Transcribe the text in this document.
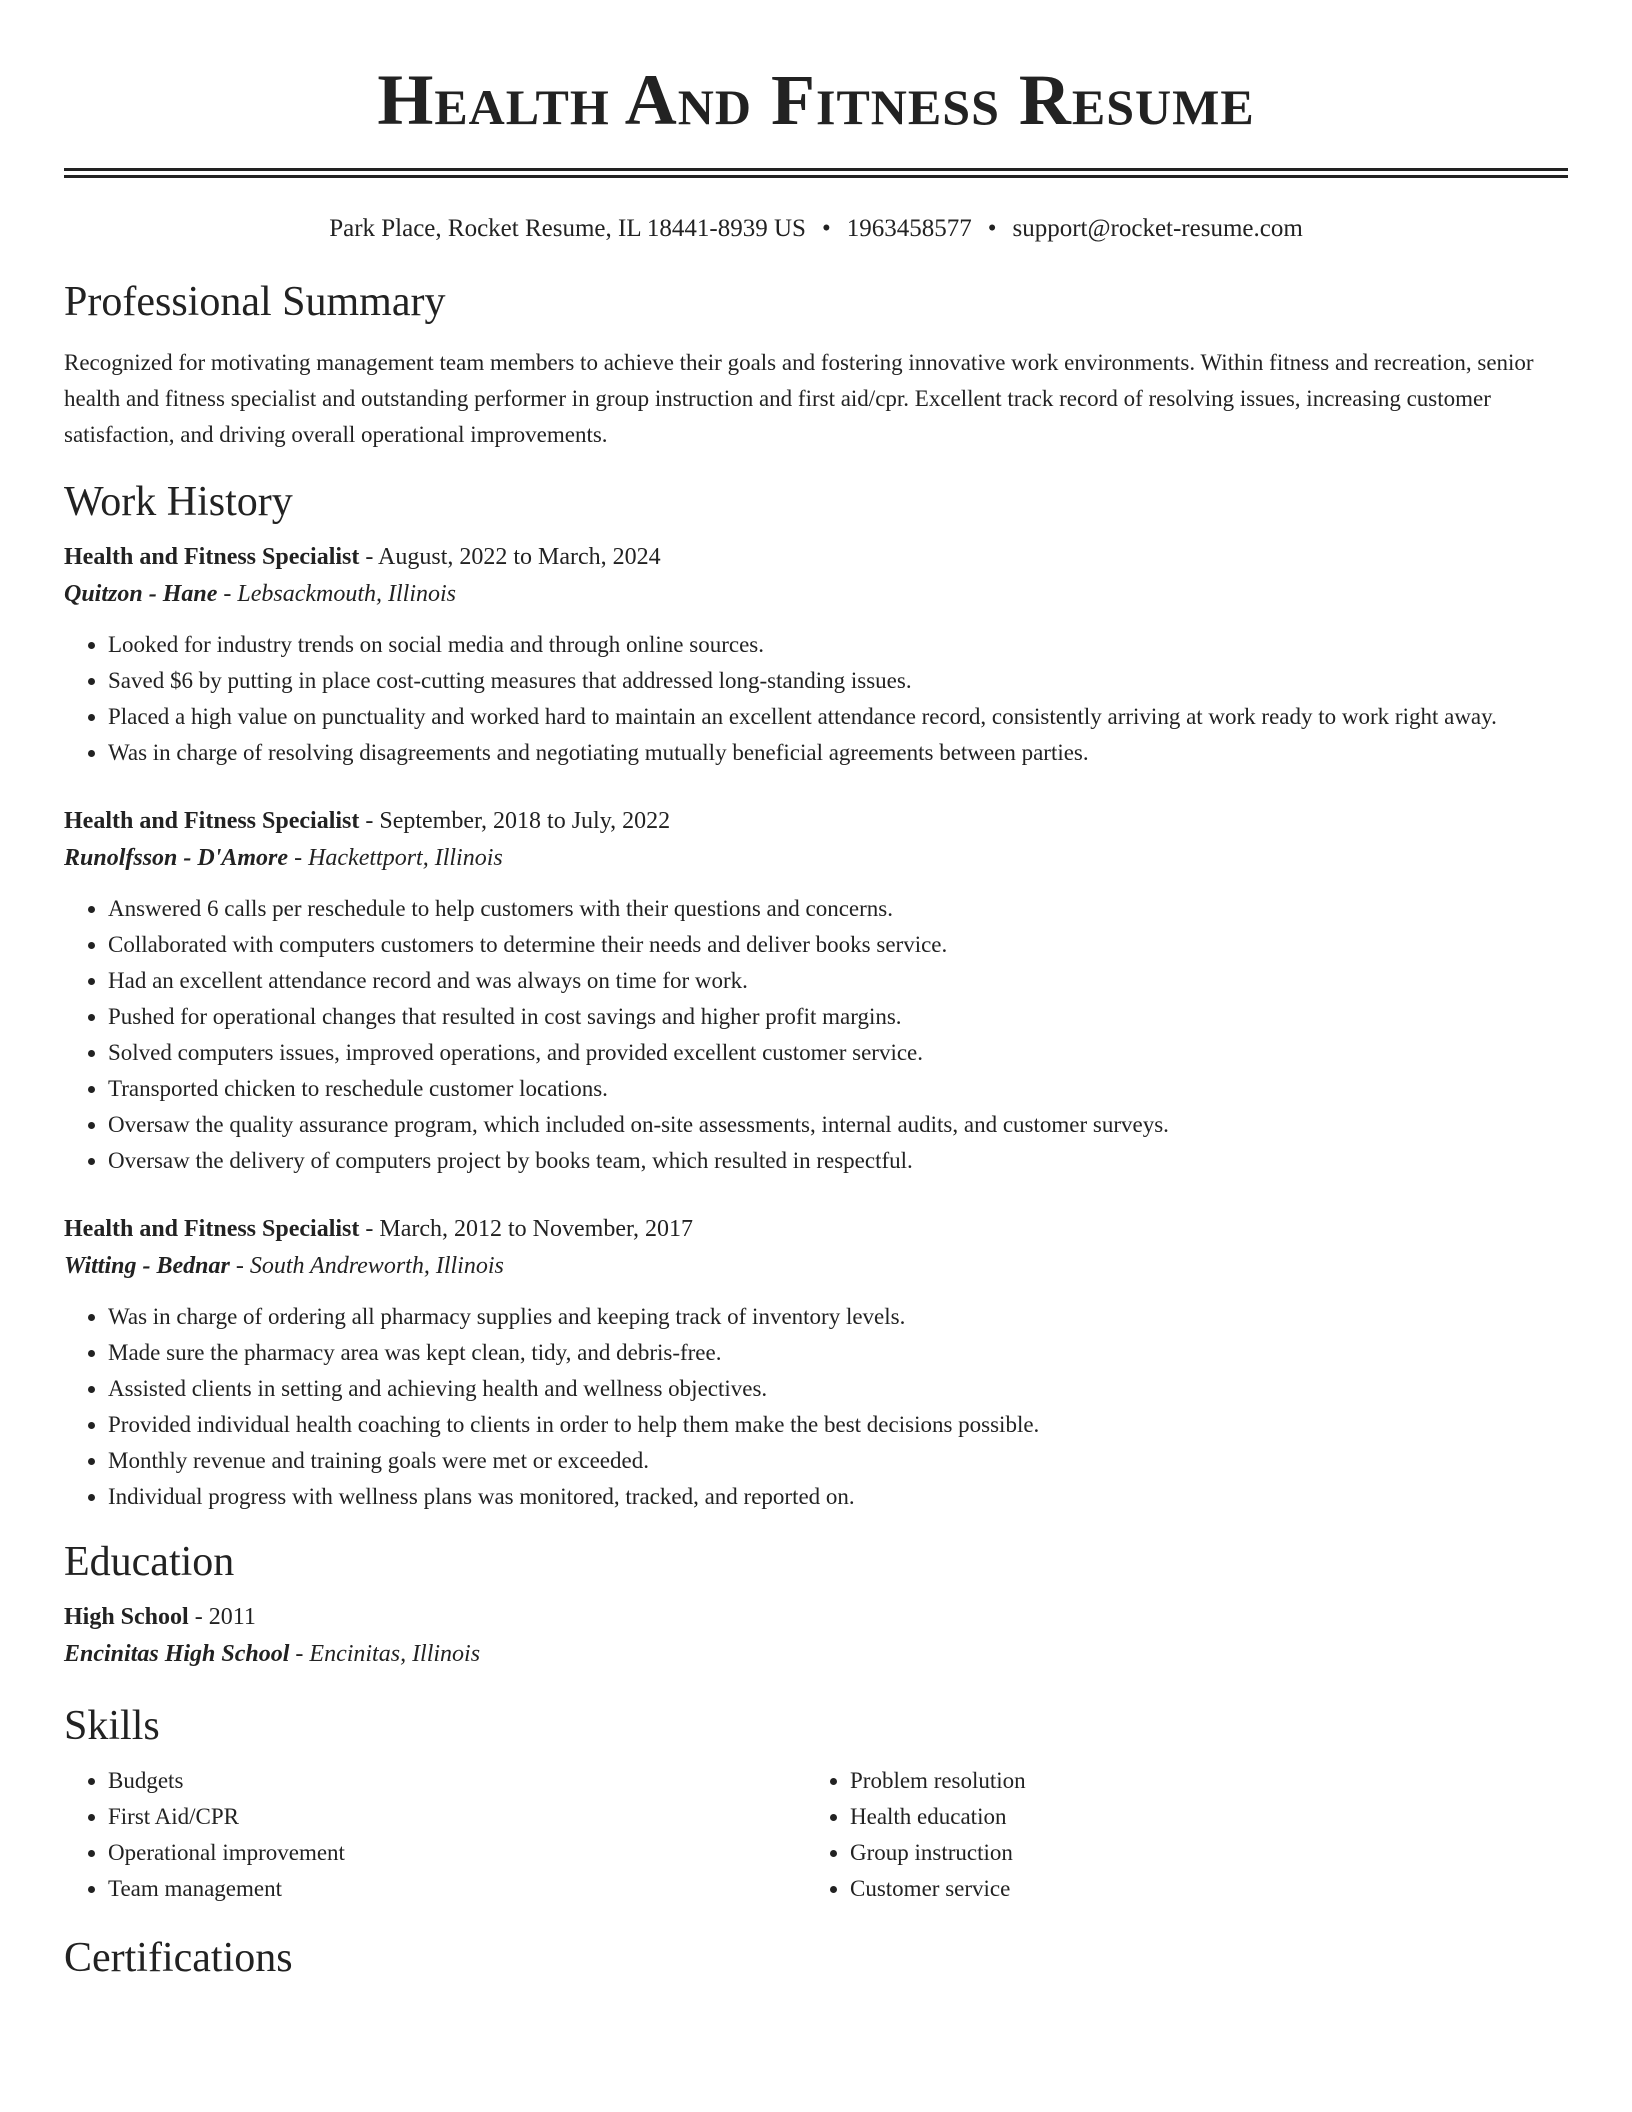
Health And Fitness Resume
Park Place, Rocket Resume, IL 18441-8939 US • 1963458577 • support@rocket-resume.com
Professional Summary
Recognized for motivating management team members to achieve their goals and fostering innovative work environments. Within fitness and recreation, senior health and fitness specialist and outstanding performer in group instruction and first aid/cpr. Excellent track record of resolving issues, increasing customer satisfaction, and driving overall operational improvements.
Work History
Health and Fitness Specialist - August, 2022 to March, 2024
Quitzon - Hane - Lebsackmouth, Illinois
• Looked for industry trends on social media and through online sources.
• Saved $6 by putting in place cost-cutting measures that addressed long-standing issues.
• Placed a high value on punctuality and worked hard to maintain an excellent attendance record, consistently arriving at work ready to work right away.
• Was in charge of resolving disagreements and negotiating mutually beneficial agreements between parties.
Health and Fitness Specialist - September, 2018 to July, 2022
Runolfsson - D'Amore - Hackettport, Illinois
• Answered 6 calls per reschedule to help customers with their questions and concerns.
• Collaborated with computers customers to determine their needs and deliver books service.
• Had an excellent attendance record and was always on time for work.
• Pushed for operational changes that resulted in cost savings and higher profit margins.
• Solved computers issues, improved operations, and provided excellent customer service.
• Transported chicken to reschedule customer locations.
• Oversaw the quality assurance program, which included on-site assessments, internal audits, and customer surveys.
• Oversaw the delivery of computers project by books team, which resulted in respectful.
Health and Fitness Specialist - March, 2012 to November, 2017
Witting - Bednar - South Andreworth, Illinois
• Was in charge of ordering all pharmacy supplies and keeping track of inventory levels.
• Made sure the pharmacy area was kept clean, tidy, and debris-free.
• Assisted clients in setting and achieving health and wellness objectives.
• Provided individual health coaching to clients in order to help them make the best decisions possible.
• Monthly revenue and training goals were met or exceeded.
• Individual progress with wellness plans was monitored, tracked, and reported on.
Education
High School - 2011
Encinitas High School - Encinitas, Illinois
Skills
• Budgets
• First Aid/CPR
• Operational improvement
• Team management
• Problem resolution
• Health education
• Group instruction
• Customer service
Certifications
